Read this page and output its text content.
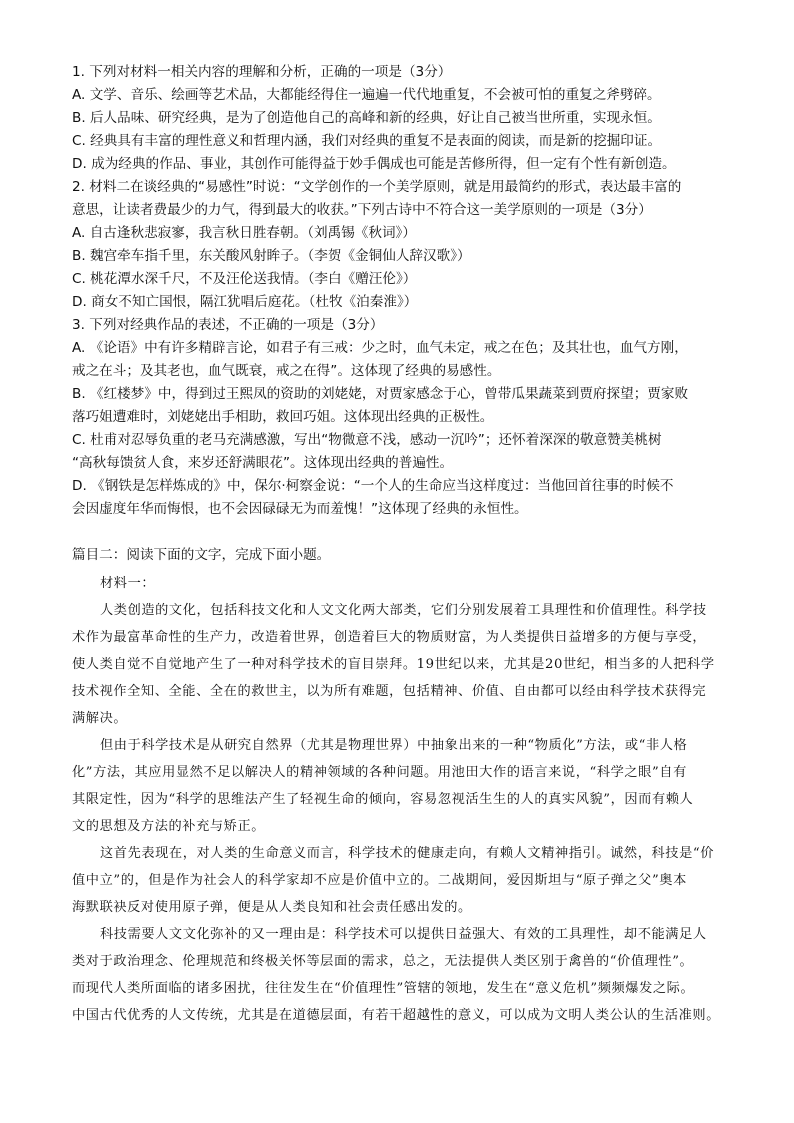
1. 下列对材料一相关内容的理解和分析，正确的一项是（3分）
A. 文学、音乐、绘画等艺术品，大都能经得住一遍遍一代代地重复，不会被可怕的重复之斧劈碎。
B. 后人品味、研究经典，是为了创造他自己的高峰和新的经典，好让自己被当世所重，实现永恒。
C. 经典具有丰富的理性意义和哲理内涵，我们对经典的重复不是表面的阅读，而是新的挖掘印证。
D. 成为经典的作品、事业，其创作可能得益于妙手偶成也可能是苦修所得，但一定有个性有新创造。
2. 材料二在谈经典的“易感性”时说：“文学创作的一个美学原则，就是用最简约的形式，表达最丰富的
意思，让读者费最少的力气，得到最大的收获。”下列古诗中不符合这一美学原则的一项是（3分）
A. 自古逢秋悲寂寥，我言秋日胜春朝。（刘禹锡《秋词》）
B. 魏宫牵车指千里，东关酸风射眸子。（李贺《金铜仙人辞汉歌》）
C. 桃花潭水深千尺，不及汪伦送我情。（李白《赠汪伦》）
D. 商女不知亡国恨，隔江犹唱后庭花。（杜牧《泊秦淮》）
3. 下列对经典作品的表述，不正确的一项是（3分）
A. 《论语》中有许多精辟言论，如君子有三戒：少之时，血气未定，戒之在色；及其壮也，血气方刚，
戒之在斗；及其老也，血气既衰，戒之在得”。这体现了经典的易感性。
B. 《红楼梦》中，得到过王熙凤的资助的刘姥姥，对贾家感念于心，曾带瓜果蔬菜到贾府探望；贾家败
落巧姐遭难时，刘姥姥出手相助，救回巧姐。这体现出经典的正极性。
C. 杜甫对忍辱负重的老马充满感激，写出“物微意不浅，感动一沉吟”；还怀着深深的敬意赞美桃树
“高秋每馈贫人食，来岁还舒满眼花”。这体现出经典的普遍性。
D. 《钢铁是怎样炼成的》中，保尔·柯察金说：“一个人的生命应当这样度过：当他回首往事的时候不
会因虚度年华而悔恨，也不会因碌碌无为而羞愧！”这体现了经典的永恒性。
篇目二：阅读下面的文字，完成下面小题。
材料一：
人类创造的文化，包括科技文化和人文文化两大部类，它们分别发展着工具理性和价值理性。科学技
术作为最富革命性的生产力，改造着世界，创造着巨大的物质财富，为人类提供日益增多的方便与享受，
使人类自觉不自觉地产生了一种对科学技术的盲目崇拜。19世纪以来，尤其是20世纪，相当多的人把科学
技术视作全知、全能、全在的救世主，以为所有难题，包括精神、价值、自由都可以经由科学技术获得完
满解决。
但由于科学技术是从研究自然界（尤其是物理世界）中抽象出来的一种“物质化”方法，或“非人格
化”方法，其应用显然不足以解决人的精神领域的各种问题。用池田大作的语言来说，“科学之眼”自有
其限定性，因为“科学的思维法产生了轻视生命的倾向，容易忽视活生生的人的真实风貌”，因而有赖人
文的思想及方法的补充与矫正。
这首先表现在，对人类的生命意义而言，科学技术的健康走向，有赖人文精神指引。诚然，科技是“价
值中立”的，但是作为社会人的科学家却不应是价值中立的。二战期间，爱因斯坦与“原子弹之父”奥本
海默联袂反对使用原子弹，便是从人类良知和社会责任感出发的。
科技需要人文文化弥补的又一理由是：科学技术可以提供日益强大、有效的工具理性，却不能满足人
类对于政治理念、伦理规范和终极关怀等层面的需求，总之，无法提供人类区别于禽兽的“价值理性”。
而现代人类所面临的诸多困扰，往往发生在“价值理性”管辖的领地，发生在“意义危机”频频爆发之际。
中国古代优秀的人文传统，尤其是在道德层面，有若干超越性的意义，可以成为文明人类公认的生活准则。
